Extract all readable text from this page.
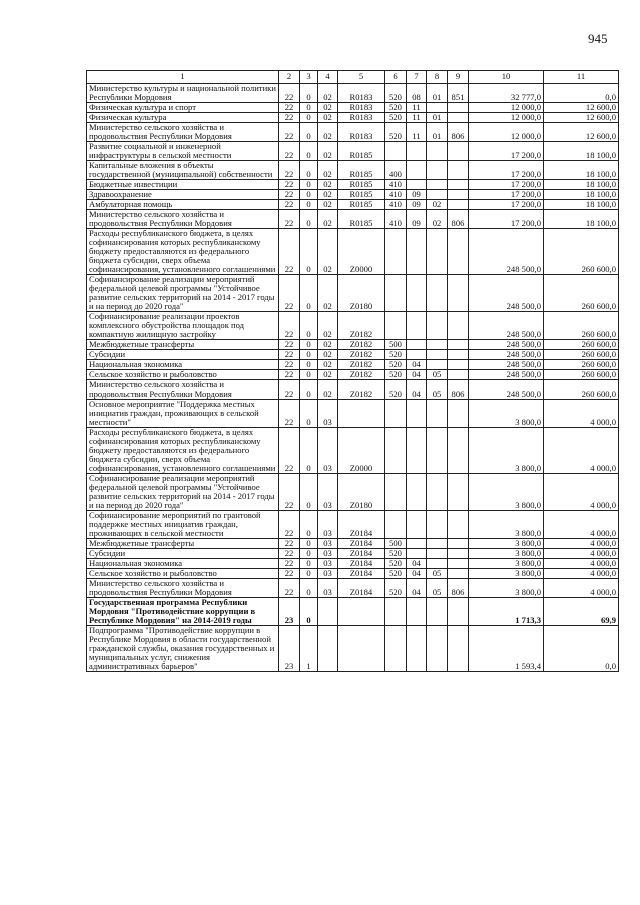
945
1	2	3	4	5	6	7	8	9	10	11
Министерство культуры и национальной политики Республики Мордовия	22	0	02	R0183	520	08	01	851	32 777,0	0,0
Физическая культура и спорт	22	0	02	R0183	520	11			12 000,0	12 600,0
Физическая культура	22	0	02	R0183	520	11	01		12 000,0	12 600,0
Министерство сельского хозяйства и продовольствия Республики Мордовия	22	0	02	R0183	520	11	01	806	12 000,0	12 600,0
Развитие социальной и инженерной инфраструктуры в сельской местности	22	0	02	R0185					17 200,0	18 100,0
Капитальные вложения в объекты государственной (муниципальной) собственности	22	0	02	R0185	400				17 200,0	18 100,0
Бюджетные инвестиции	22	0	02	R0185	410				17 200,0	18 100,0
Здравоохранение	22	0	02	R0185	410	09			17 200,0	18 100,0
Амбулаторная помощь	22	0	02	R0185	410	09	02		17 200,0	18 100,0
Министерство сельского хозяйства и продовольствия Республики Мордовия	22	0	02	R0185	410	09	02	806	17 200,0	18 100,0
Расходы республиканского бюджета, в целях софинансирования которых республиканскому бюджету предоставляются из федерального бюджета субсидии, сверх объема софинансирования, установленного соглашениями	22	0	02	Z0000					248 500,0	260 600,0
Софинансирование реализации мероприятий федеральной целевой программы "Устойчивое развитие сельских территорий на 2014 - 2017 годы и на период до 2020 года"	22	0	02	Z0180					248 500,0	260 600,0
Софинансирование реализации проектов комплексного обустройства площадок под компактную жилищную застройку	22	0	02	Z0182					248 500,0	260 600,0
Межбюджетные трансферты	22	0	02	Z0182	500				248 500,0	260 600,0
Субсидии	22	0	02	Z0182	520				248 500,0	260 600,0
Национальная экономика	22	0	02	Z0182	520	04			248 500,0	260 600,0
Сельское хозяйство и рыболовство	22	0	02	Z0182	520	04	05		248 500,0	260 600,0
Министерство сельского хозяйства и продовольствия Республики Мордовия	22	0	02	Z0182	520	04	05	806	248 500,0	260 600,0
Основное мероприятие "Поддержка местных инициатив граждан, проживающих в сельской местности"	22	0	03						3 800,0	4 000,0
Расходы республиканского бюджета, в целях софинансирования которых республиканскому бюджету предоставляются из федерального бюджета субсидии, сверх объема софинансирования, установленного соглашениями	22	0	03	Z0000					3 800,0	4 000,0
Софинансирование реализации мероприятий федеральной целевой программы "Устойчивое развитие сельских территорий на 2014 - 2017 годы и на период до 2020 года"	22	0	03	Z0180					3 800,0	4 000,0
Софинансирование мероприятий по грантовой поддержке местных инициатив граждан, проживающих в сельской местности	22	0	03	Z0184					3 800,0	4 000,0
Межбюджетные трансферты	22	0	03	Z0184	500				3 800,0	4 000,0
Субсидии	22	0	03	Z0184	520				3 800,0	4 000,0
Национальная экономика	22	0	03	Z0184	520	04			3 800,0	4 000,0
Сельское хозяйство и рыболовство	22	0	03	Z0184	520	04	05		3 800,0	4 000,0
Министерство сельского хозяйства и продовольствия Республики Мордовия	22	0	03	Z0184	520	04	05	806	3 800,0	4 000,0
Государственная программа Республики Мордовия "Противодействие коррупции в Республике Мордовия" на 2014-2019 годы	23	0							1 713,3	69,9
Подпрограмма "Противодействие коррупции в Республике Мордовия в области государственной гражданской службы, оказания государственных и муниципальных услуг, снижения административных барьеров"	23	1							1 593,4	0,0
